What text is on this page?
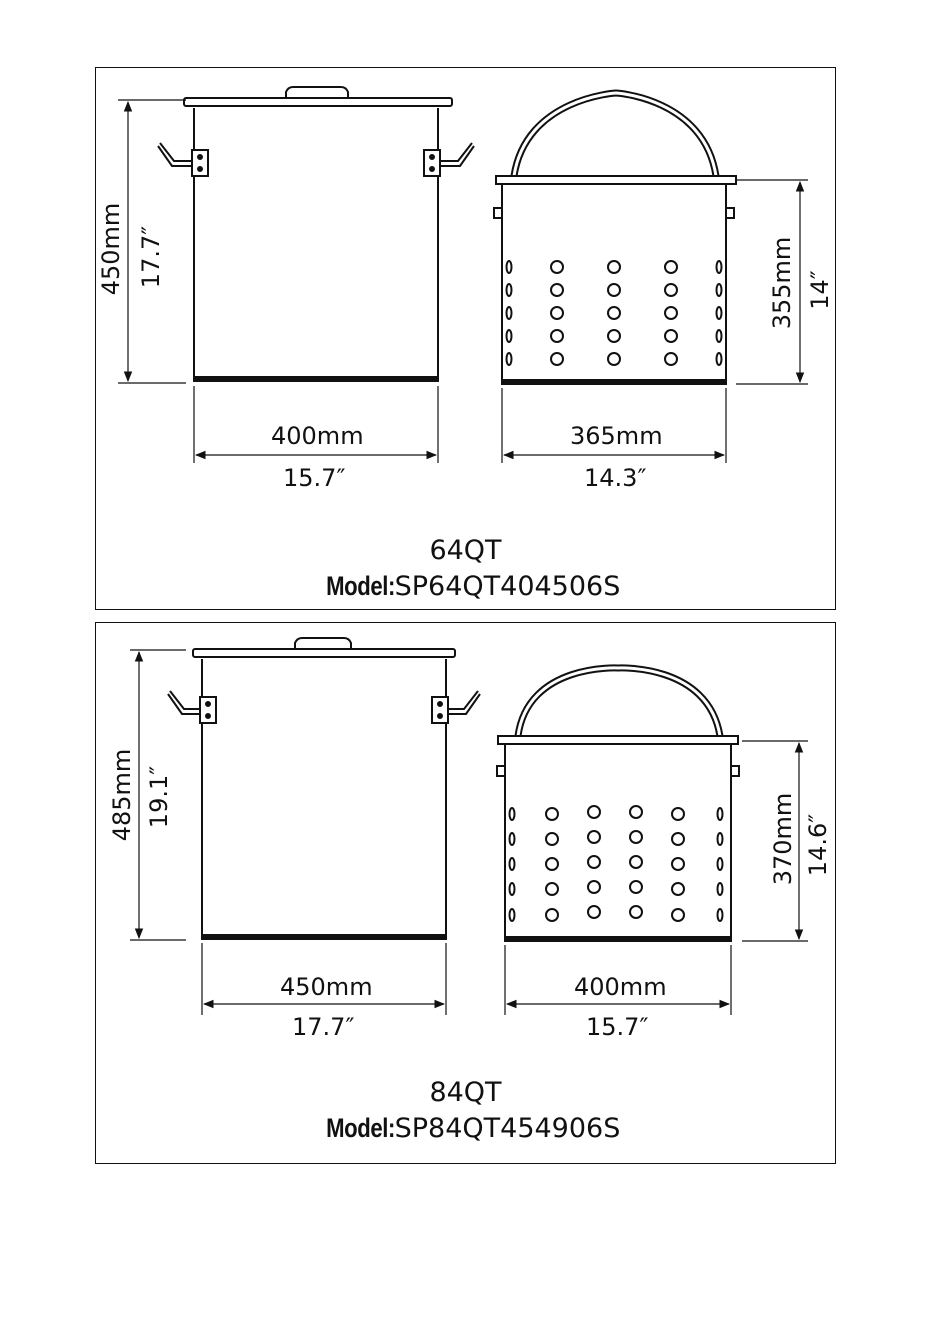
450mm 17.7″
400mm
15.7″
365mm
14.3″
355mm 14″
64QT
Model:SP64QT404506S
485mm 19.1″
450mm
17.7″
400mm
15.7″
370mm 14.6″
84QT
Model:SP84QT454906S
